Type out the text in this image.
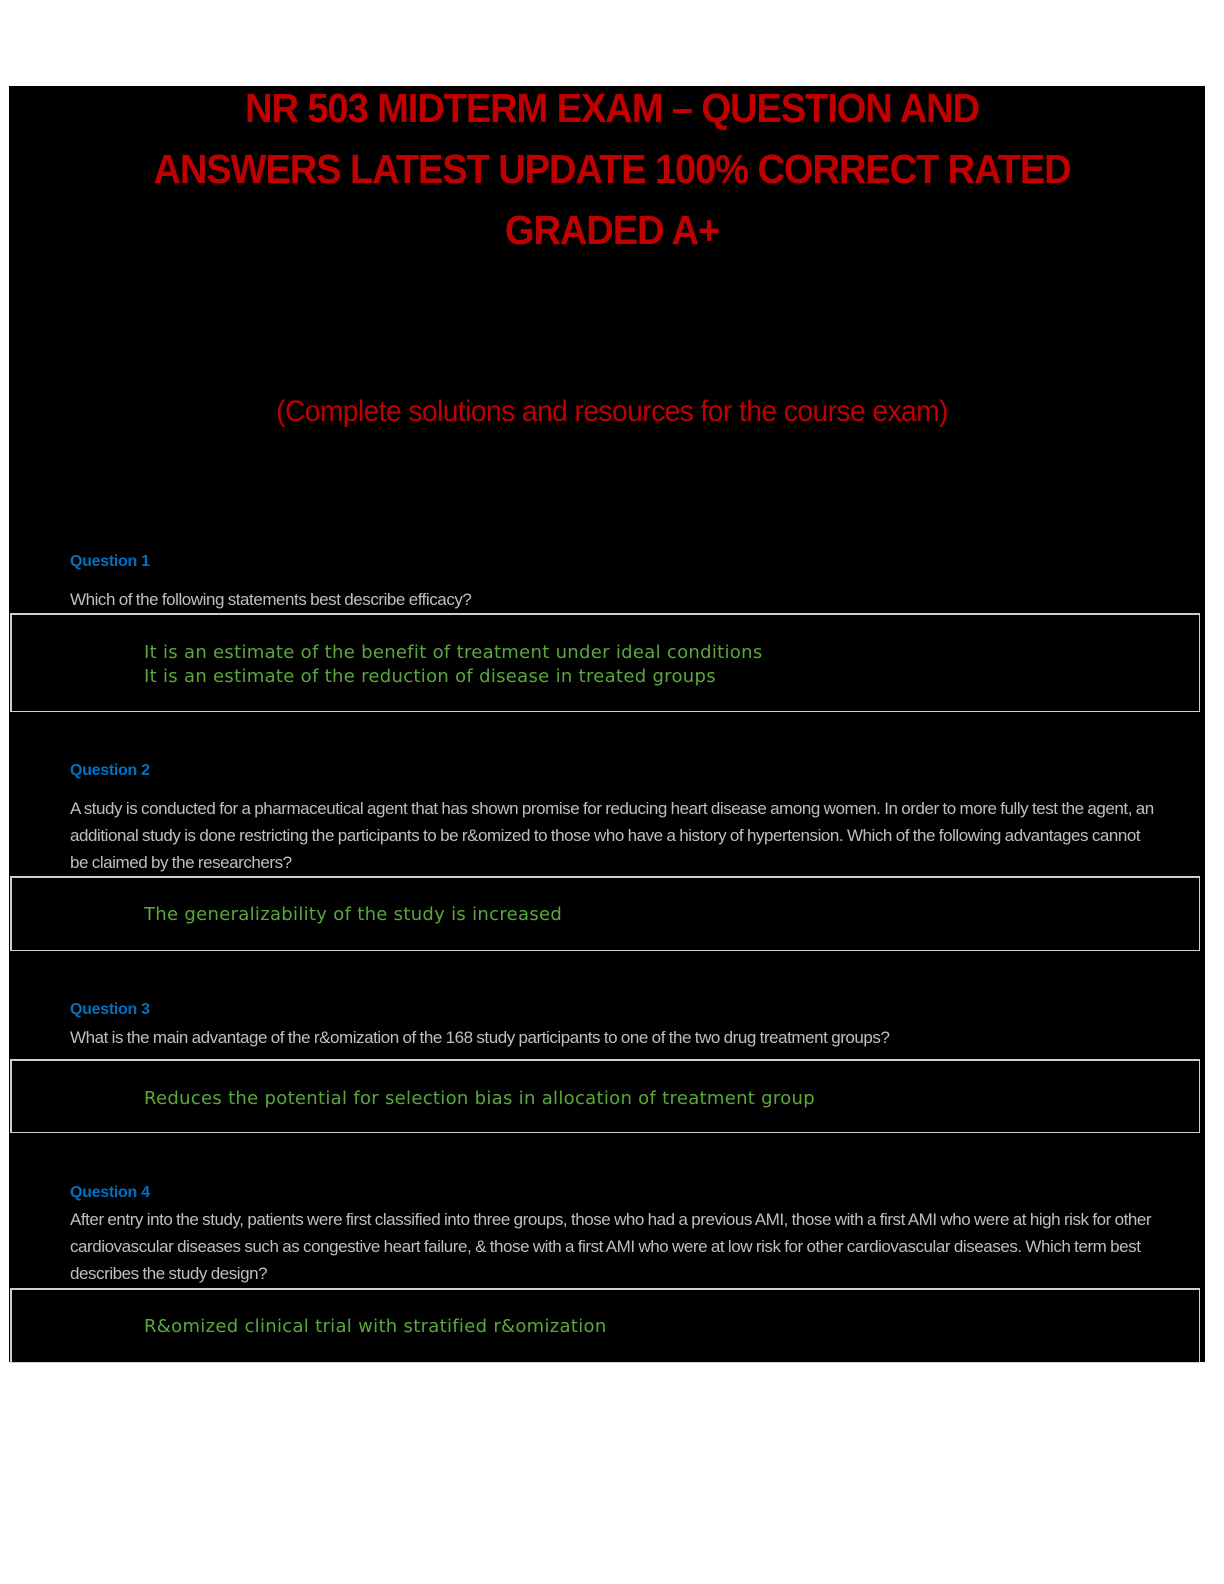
NR 503 MIDTERM EXAM – QUESTION AND
ANSWERS LATEST UPDATE 100% CORRECT RATED
GRADED A+
(Complete solutions and resources for the course exam)
Question 1
Which of the following statements best describe efficacy?
It is an estimate of the benefit of treatment under ideal conditions
It is an estimate of the reduction of disease in treated groups
Question 2
A study is conducted for a pharmaceutical agent that has shown promise for reducing heart disease among women. In order to more fully test the agent, an additional study is done restricting the participants to be r&omized to those who have a history of hypertension. Which of the following advantages cannot be claimed by the researchers?
The generalizability of the study is increased
Question 3
What is the main advantage of the r&omization of the 168 study participants to one of the two drug treatment groups?
Reduces the potential for selection bias in allocation of treatment group
Question 4
After entry into the study, patients were first classified into three groups, those who had a previous AMI, those with a first AMI who were at high risk for other cardiovascular diseases such as congestive heart failure, & those with a first AMI who were at low risk for other cardiovascular diseases. Which term best describes the study design?
R&omized clinical trial with stratified r&omization
